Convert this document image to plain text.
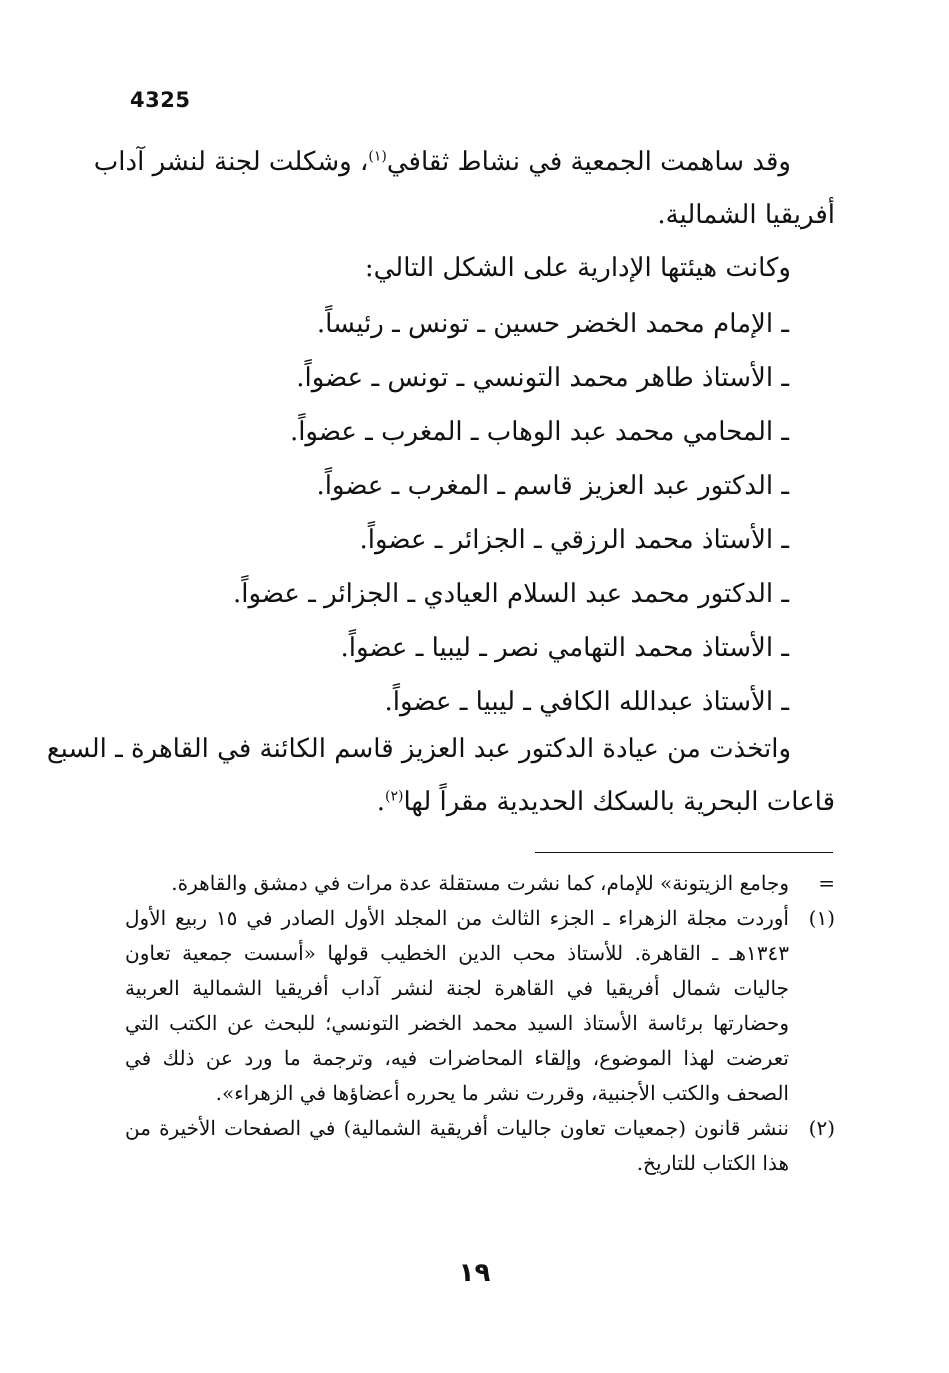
4325

وقد ساهمت الجمعية في نشاط ثقافي$^{(١)}$، وشكلت لجنة لنشر آداب

أفريقيا الشمالية.

وكانت هيئتها الإدارية على الشكل التالي:

ـ الإمام محمد الخضر حسين ـ تونس ـ رئيساً.
ـ الأستاذ طاهر محمد التونسي ـ تونس ـ عضواً.
ـ المحامي محمد عبد الوهاب ـ المغرب ـ عضواً.
ـ الدكتور عبد العزيز قاسم ـ المغرب ـ عضواً.
ـ الأستاذ محمد الرزقي ـ الجزائر ـ عضواً.
ـ الدكتور محمد عبد السلام العيادي ـ الجزائر ـ عضواً.
ـ الأستاذ محمد التهامي نصر ـ ليبيا ـ عضواً.
ـ الأستاذ عبدالله الكافي ـ ليبيا ـ عضواً.

واتخذت من عيادة الدكتور عبد العزيز قاسم الكائنة في القاهرة ـ السبع

قاعات البحرية بالسكك الحديدية مقراً لها$^{(٢)}$.

=
وجامع الزيتونة» للإمام، كما نشرت مستقلة عدة مرات في دمشق والقاهرة.
(١)
أوردت مجلة الزهراء ـ الجزء الثالث من المجلد الأول الصادر في ١٥ ربيع الأول ١٣٤٣هـ ـ القاهرة. للأستاذ محب الدين الخطيب قولها «أسست جمعية تعاون جاليات شمال أفريقيا في القاهرة لجنة لنشر آداب أفريقيا الشمالية العربية وحضارتها برئاسة الأستاذ السيد محمد الخضر التونسي؛ للبحث عن الكتب التي تعرضت لهذا الموضوع، وإلقاء المحاضرات فيه، وترجمة ما ورد عن ذلك في الصحف والكتب الأجنبية، وقررت نشر ما يحرره أعضاؤها في الزهراء».
(٢)
ننشر قانون (جمعيات تعاون جاليات أفريقية الشمالية) في الصفحات الأخيرة من هذا الكتاب للتاريخ.
١٩
